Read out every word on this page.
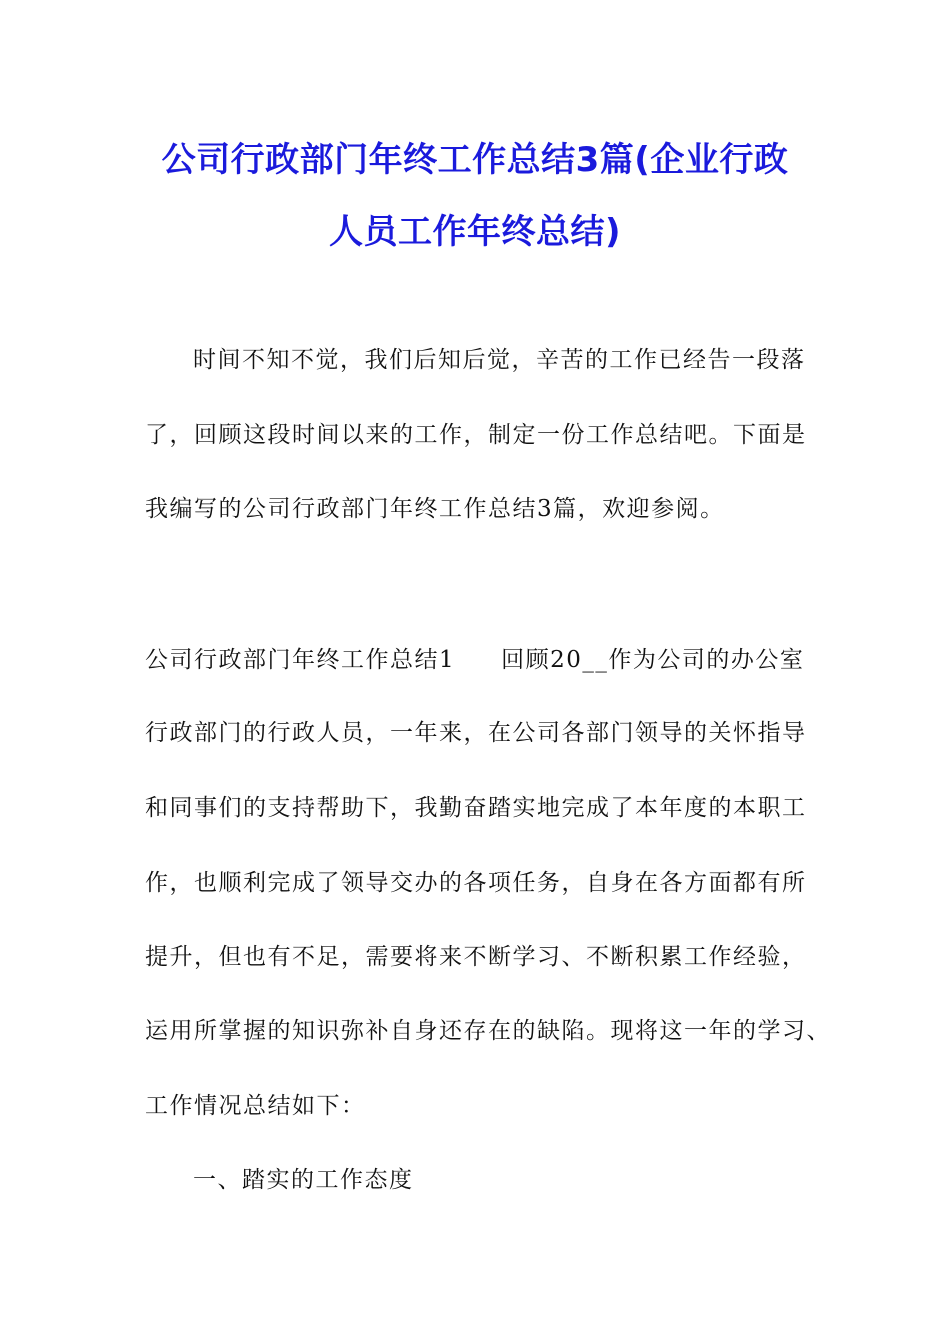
公司行政部门年终工作总结3篇(企业行政
人员工作年终总结)
时间不知不觉，我们后知后觉，辛苦的工作已经告一段落
了，回顾这段时间以来的工作，制定一份工作总结吧。下面是
我编写的公司行政部门年终工作总结3篇，欢迎参阅。
公司行政部门年终工作总结1 回顾20__作为公司的办公室
行政部门的行政人员，一年来，在公司各部门领导的关怀指导
和同事们的支持帮助下，我勤奋踏实地完成了本年度的本职工
作，也顺利完成了领导交办的各项任务，自身在各方面都有所
提升，但也有不足，需要将来不断学习、不断积累工作经验，
运用所掌握的知识弥补自身还存在的缺陷。现将这一年的学习、
工作情况总结如下：
一、踏实的工作态度
